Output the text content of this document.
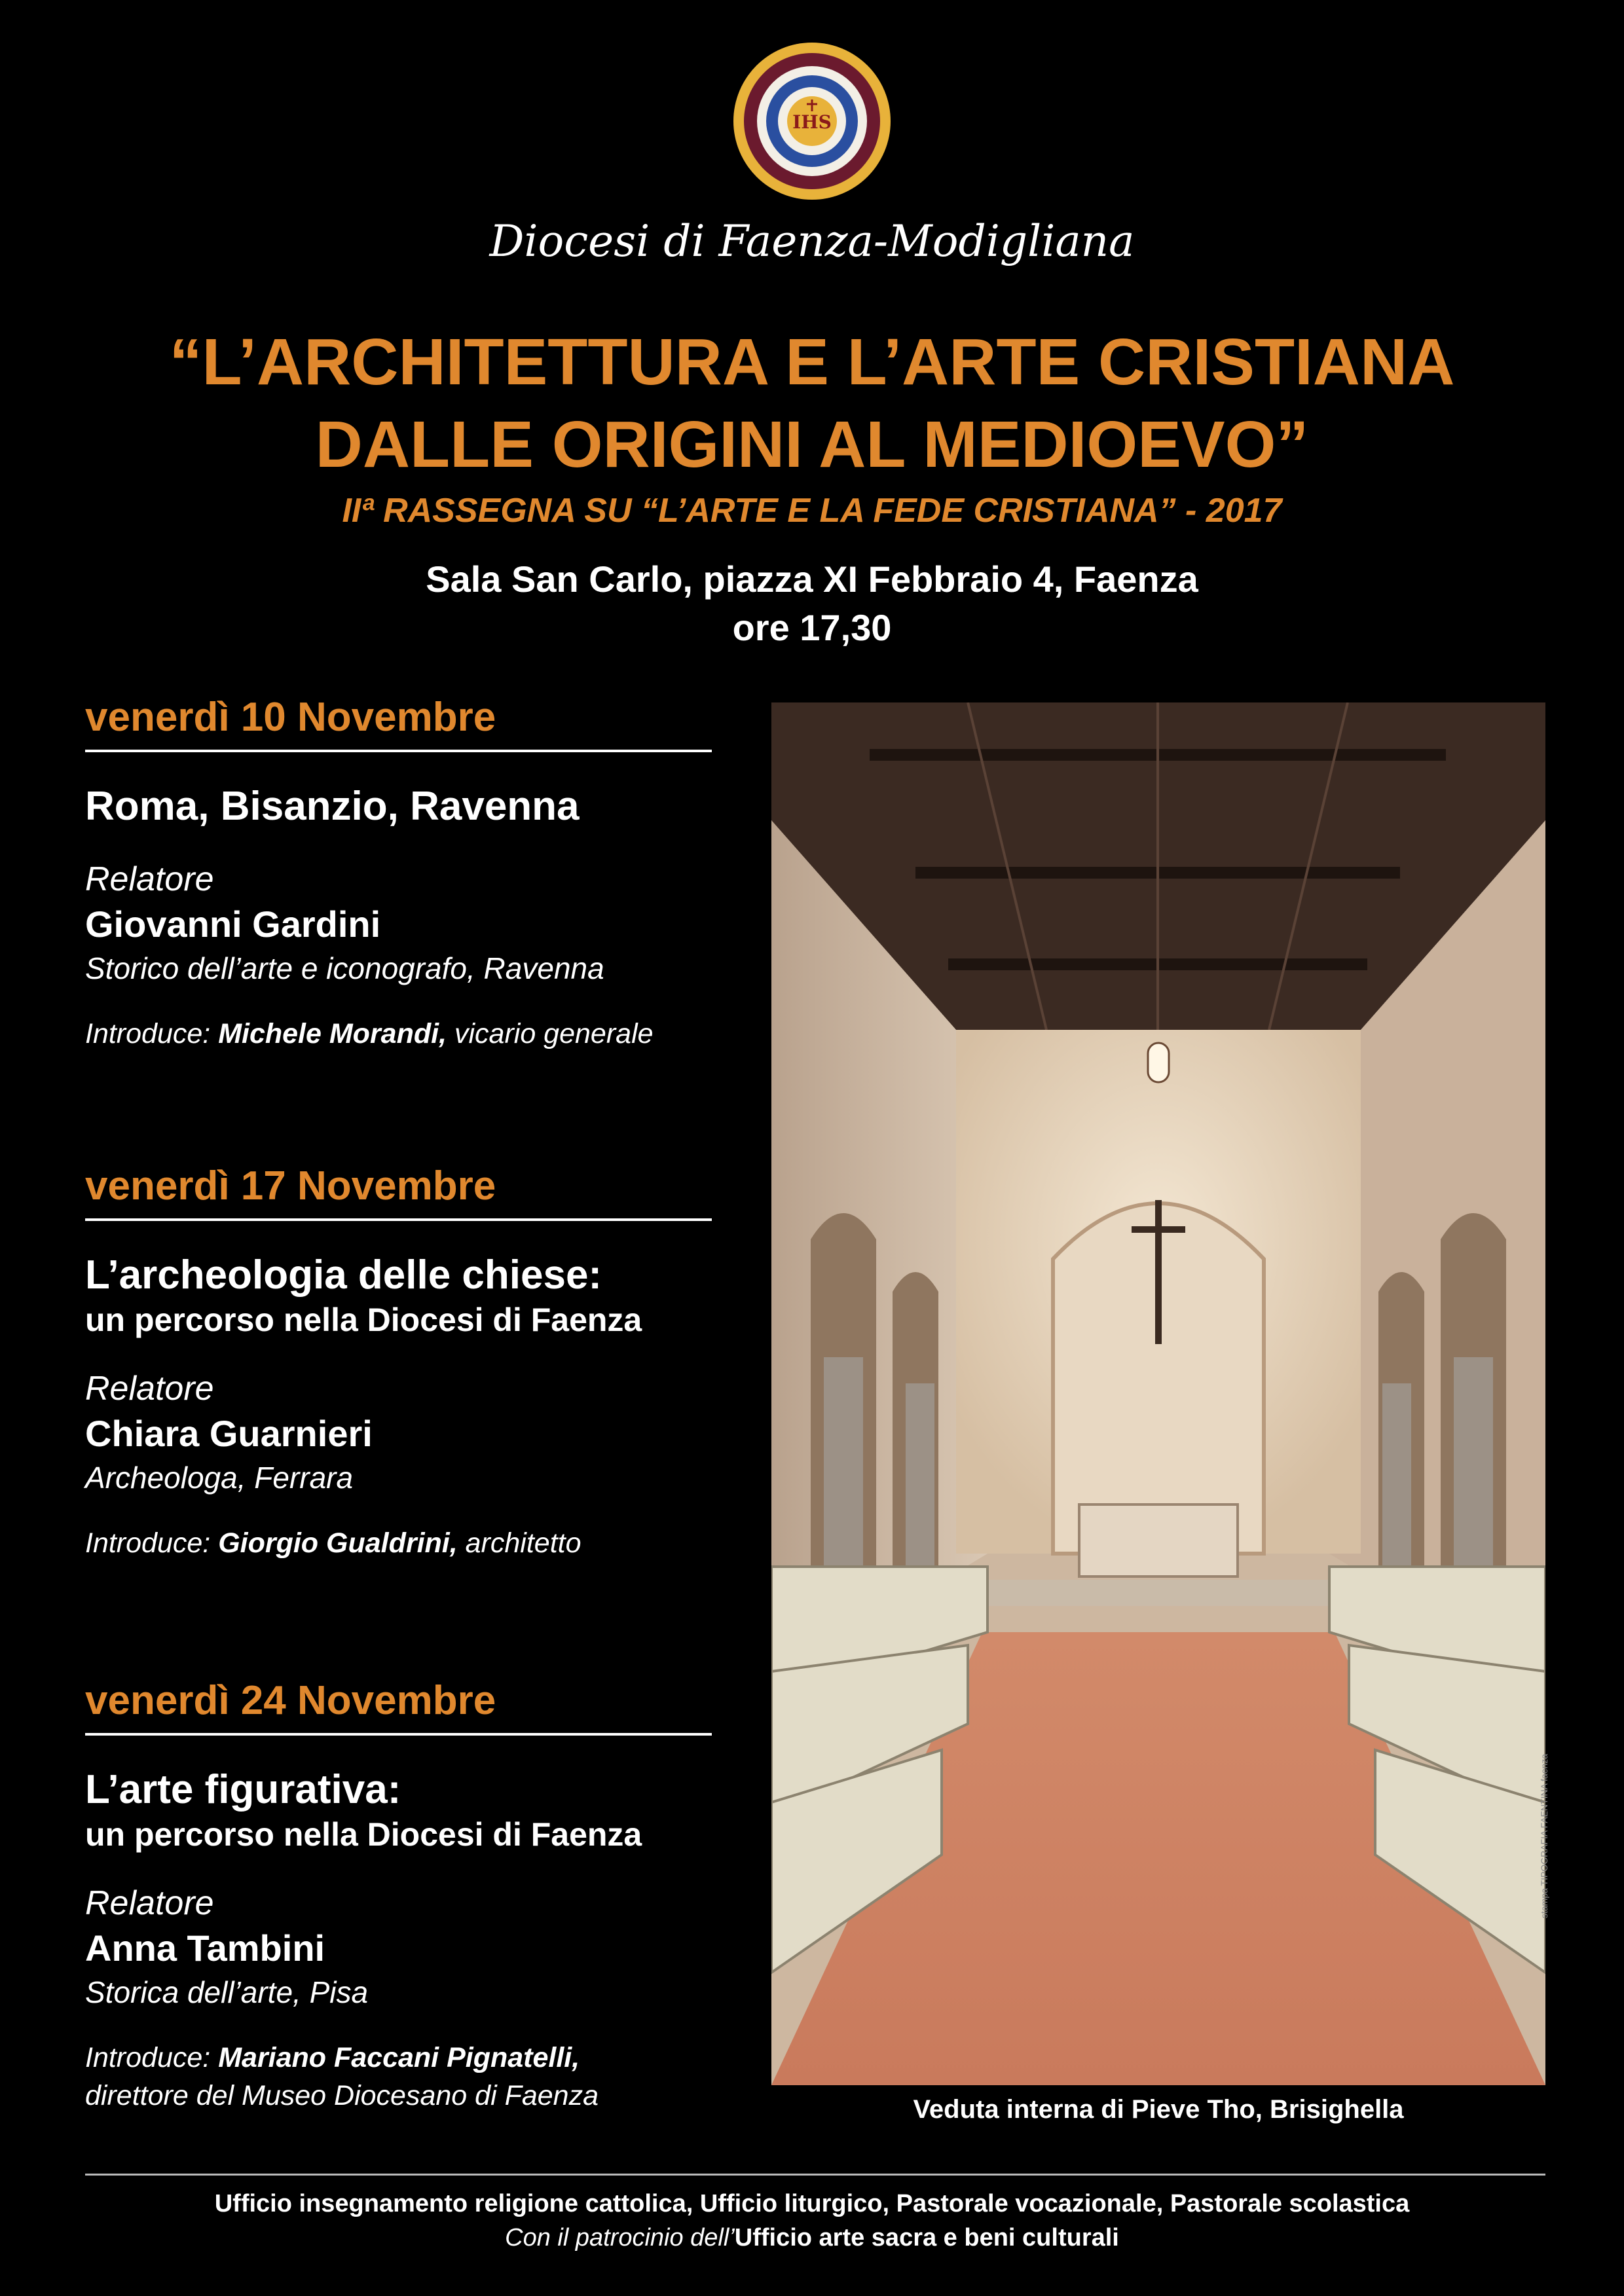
IHS
Diocesi di Faenza-Modigliana
“L’ARCHITETTURA E L’ARTE CRISTIANA
DALLE ORIGINI AL MEDIOEVO”
IIª RASSEGNA SU “L’ARTE E LA FEDE CRISTIANA” - 2017
Sala San Carlo, piazza XI Febbraio 4, Faenza
ore 17,30
venerdì 10 Novembre
Roma, Bisanzio, Ravenna
Relatore
Giovanni Gardini
Storico dell’arte e iconografo, Ravenna
Introduce: Michele Morandi, vicario generale
venerdì 17 Novembre
L’archeologia delle chiese:
un percorso nella Diocesi di Faenza
Relatore
Chiara Guarnieri
Archeologa, Ferrara
Introduce: Giorgio Gualdrini, architetto
venerdì 24 Novembre
L’arte figurativa:
un percorso nella Diocesi di Faenza
Relatore
Anna Tambini
Storica dell’arte, Pisa
Introduce: Mariano Faccani Pignatelli,
direttore del Museo Diocesano di Faenza
stampa TIPOGRAFIA FAENTINA faenza
Veduta interna di Pieve Tho, Brisighella
Ufficio insegnamento religione cattolica, Ufficio liturgico, Pastorale vocazionale, Pastorale scolastica
Con il patrocinio dell’Ufficio arte sacra e beni culturali
